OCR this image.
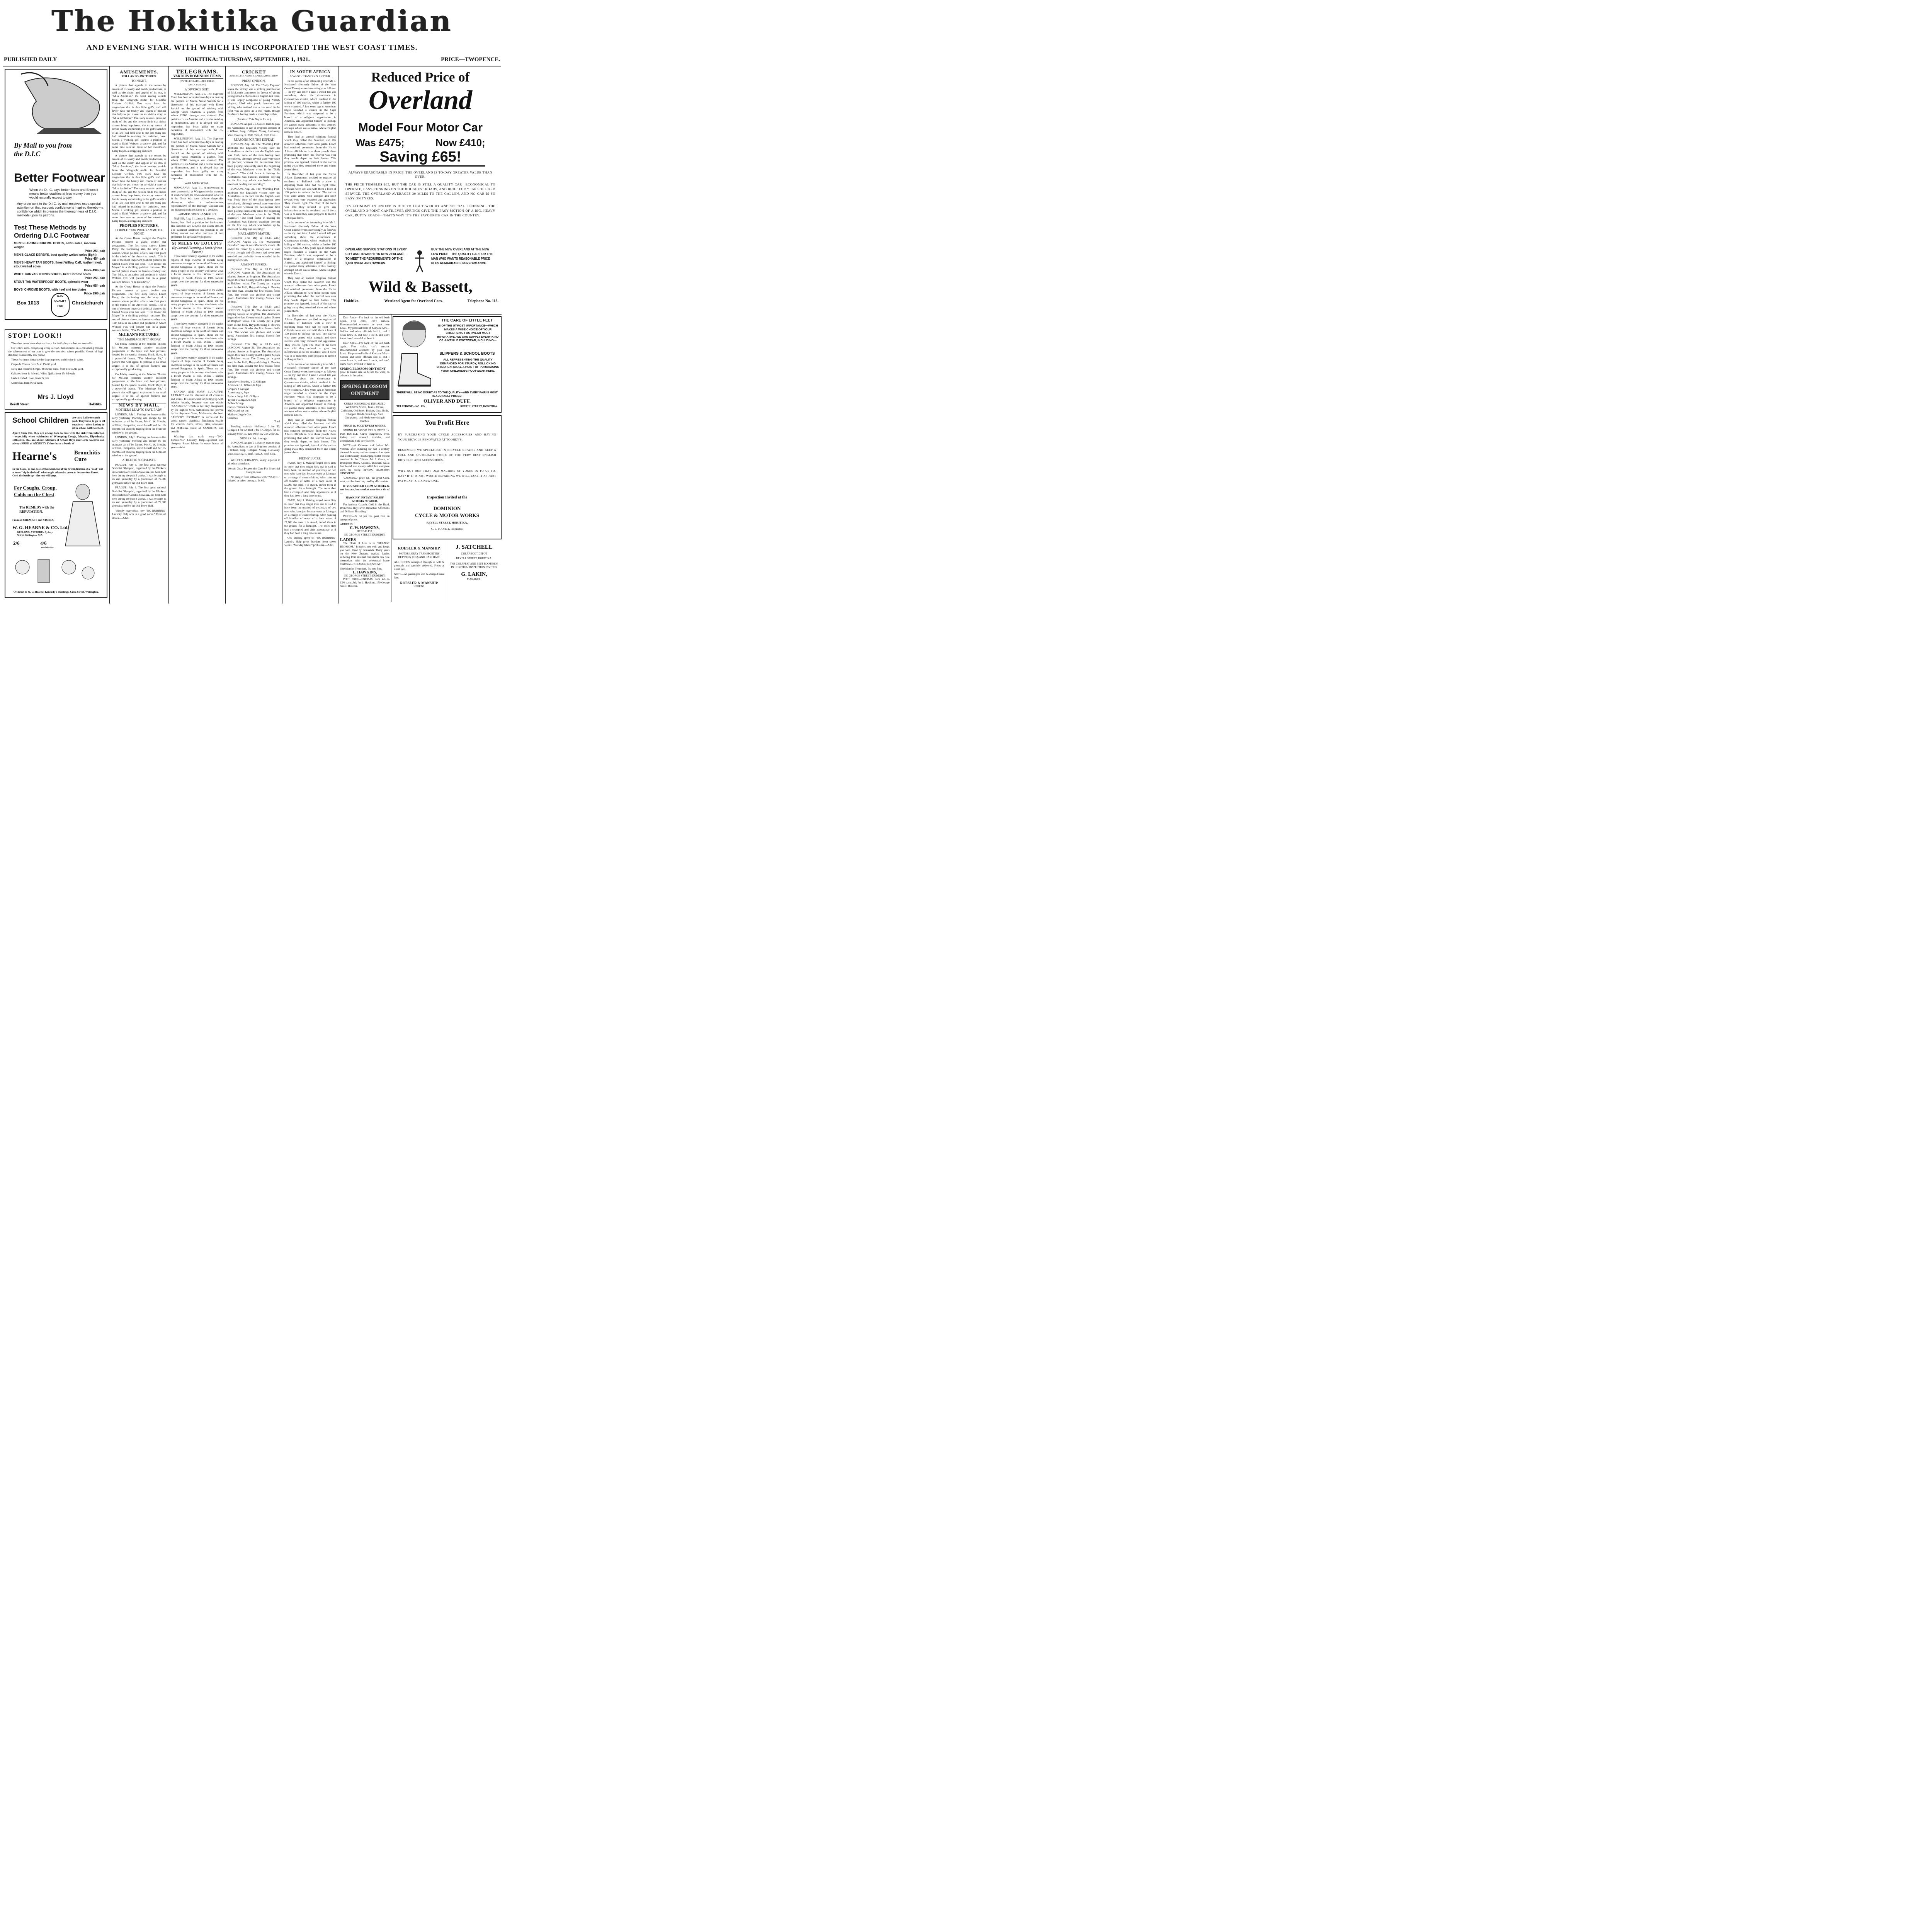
The Hokitika Guardian
AND EVENING STAR. WITH WHICH IS INCORPORATED THE WEST COAST TIMES.
PUBLISHED DAILY	HOKITIKA: THURSDAY, SEPTEMBER 1, 1921.	PRICE—TWOPENCE.
By Mail to you from the D.I.C
Better Footwear
When the D.I.C. says better Boots and Shoes it means better qualities at less money than you would naturally expect to pay.
Any order sent to the D.I.C. by mail receives extra special attention on that account; confidence is inspired thereby—a confidence which impresses the thoroughness of D.I.C. methods upon its patrons.
Test These Methods by Ordering D.I.C Footwear
MEN'S STRONG CHROME BOOTS, sewn soles, medium weight
Price 25/- pair
MEN'S GLACE DERBYS, best quality welted soles (light)
Price 45/- pair
MEN'S HEAVY TAN BOOTS, finest Willow Calf, leather lined, stout welted soles
Price 49/6 pair
WHITE CANVAS TENNIS SHOES, best Chrome soles
Price 25/- pair
STOUT TAN WATERPROOF BOOTS, splendid wear
Price 65/- pair
BOYS' CHROME BOOTS, with heel and toe plates
Price 19/6 pair
Box 1013
D.I.C QUALITY FOR
Christchurch
STOP! LOOK!!

There has never been a better chance for thrifty buyers than we now offer.

Our entire store, comprising every section, demonstrates in a convincing manner the achievement of our aim to give the soundest values possible. Goods of high standard, consistently low priced.

These few items illustrate the drop in prices and the rise in value.

Crepe de Chenes from 7s to 15s 6d yard.

Navy and coloured Serges, 40 inches wide, from 14s to 21s yard.

Calicoes from 1s 4d yard. White Quilts from 17s 6d each.

Ladies' ribbed H ose, from 2s pair.

Umbrellas, from 9s 6d each.

Mrs J. Lloyd
Revell Street	Hokitika
School Children are very liable to catch cold. They have to go in all weathers—often having to sit in school with wet feet.
Apart from this, they are always face to face with the risk from infection—especially when epidemics of Whooping Cough, Measles, Diphtheria, Influenza, etc., are about. Mothers of School Boys and Girls however can always FREE of ANXIETY if they have a bottle of
Hearne's	Bronchitis Cure
In the house, as one dose of this Medicine at the first indication of a "cold" will at once "nip in the bud" what might otherwise prove to be a serious illness. Cork the bottle up—the rest will keep.
For Coughs, Croup, Colds on the Chest
The REMEDY with the REPUTATION.
From all CHEMISTS and STORES.
W. G. HEARNE & CO. Ltd.
GEELONG, VICTORIA. Sydney N.S.W. Wellington, N.Z.
2/6	4/6
Double Size
Or direct to W. G. Hearne, Kennedy's Buildings, Cuba Street, Wellington.
AMUSEMENTS.
POLLARD'S PICTURES.
TO-NIGHT.

A picture that appeals to the senses by reason of its lovely and lavish productions, as well as the charm and appeal of its star, is "Miss Ambition," the heart searing vehicle from the Vitagraph studio for beautiful Corinne Griffith. Few stars have the magnetism that is this little girl's, and still fewer have the beauty and charm of manner that help to put it over in so vivid a story as "Miss Ambition." The story reveals profound study of life, and the heroine finds that riches cannot bring happiness, the many scenes of lavish beauty culminating in the girl's sacrifice of all she had held dear to the one thing she had missed in realising her ambition, love. Marta, a working girl, secures a position as maid to Edith Webster, a society girl, and for some time sees no more of her sweetheart, Larry Doyle, a struggling architect.

A picture that appeals to the senses by reason of its lovely and lavish productions, as well as the charm and appeal of its star, is "Miss Ambition," the heart searing vehicle from the Vitagraph studio for beautiful Corinne Griffith. Few stars have the magnetism that is this little girl's, and still fewer have the beauty and charm of manner that help to put it over in so vivid a story as "Miss Ambition." The story reveals profound study of life, and the heroine finds that riches cannot bring happiness, the many scenes of lavish beauty culminating in the girl's sacrifice of all she had held dear to the one thing she had missed in realising her ambition, love. Marta, a working girl, secures a position as maid to Edith Webster, a society girl, and for some time sees no more of her sweetheart, Larry Doyle, a struggling architect.

PEOPLES PICTURES.
DOUBLE STAR PROGRAMME TO-NIGHT.

At the Opera House to-night the Peoples Pictures present a grand double star programme. The first story shows Eileen Percy, the fascinating star, the story of a woman whose political affairs take first place in the minds of the American people. This is one of the most important political pictures the United States ever has seen. "Her Honor the Mayor" is a thrilling political romance. The second picture shows the famous cowboy star, Tom Mix, as an author and producer in which William Fox will present him in a grand western thriller, "The Daredevil."

At the Opera House to-night the Peoples Pictures present a grand double star programme. The first story shows Eileen Percy, the fascinating star, the story of a woman whose political affairs take first place in the minds of the American people. This is one of the most important political pictures the United States ever has seen. "Her Honor the Mayor" is a thrilling political romance. The second picture shows the famous cowboy star, Tom Mix, as an author and producer in which William Fox will present him in a grand western thriller, "The Daredevil."

McLEAN'S PICTURES.
"THE MARRIAGE PIT," FRIDAY.

On Friday evening at the Princess Theatre Mr McLean presents another excellent programme of the latest and best pictures, headed by the special feature, Frank Mayo, in a powerful drama, "The Marriage Pit," a picture that will appeal to patrons in no small degree. It is full of special features and exceptionally good acting.

On Friday evening at the Princess Theatre Mr McLean presents another excellent programme of the latest and best pictures, headed by the special feature, Frank Mayo, in a powerful drama, "The Marriage Pit," a picture that will appeal to patrons in no small degree. It is full of special features and exceptionally good acting.

NEWS BY MAIL.
MOTHER'S LEAP TO SAVE BABY.

LONDON, July 1. Finding her house on fire early yesterday morning and escape by the staircase cut off by flames, Mrs C. W. Brittain, of Fleet, Hampshire, saved herself and her 18-months-old child by leaping from the bedroom window to the ground.

LONDON, July 1. Finding her house on fire early yesterday morning and escape by the staircase cut off by flames, Mrs C. W. Brittain, of Fleet, Hampshire, saved herself and her 18-months-old child by leaping from the bedroom window to the ground.

ATHLETIC SOCIALISTS.

PRAGUE, July 3. The first great national Socialist Olympiad, organised by the Workers' Association of Czecho-Slovakia, has been held here during the past 3 weeks. It was brought to an end yesterday by a procession of 72,000 gymnasts before the Old Town Hall.

PRAGUE, July 3. The first great national Socialist Olympiad, organised by the Workers' Association of Czecho-Slovakia, has been held here during the past 3 weeks. It was brought to an end yesterday by a procession of 72,000 gymnasts before the Old Town Hall.

"Simply marvellous how "NO-RUBBING" Laundry Help acts in a good name." From all stores.—Advt.

TELEGRAMS.
VARIOUS DOMINION ITEMS
(BY TELEGRAPH—PER PRESS ASSOCIATION.)
A DIVORCE SUIT.

WELLINGTON, Aug. 31. The Supreme Court has been occupied two days in hearing the petition of Mattia Nazal Sarcich for a dissolution of his marriage with Eileen Sarcich on the ground of adultery with George Vance Shannon, a grazier, from whom £2500 damages was claimed. The petitioner is an Austrian and a carrier residing at Himmerton, and it is alleged that the respondent has been guilty on many occasions of misconduct with the co-respondent.

WELLINGTON, Aug. 31. The Supreme Court has been occupied two days in hearing the petition of Mattia Nazal Sarcich for a dissolution of his marriage with Eileen Sarcich on the ground of adultery with George Vance Shannon, a grazier, from whom £2500 damages was claimed. The petitioner is an Austrian and a carrier residing at Himmerton, and it is alleged that the respondent has been guilty on many occasions of misconduct with the co-respondent.

WAR MEMORIAL.

WANGANUI, Aug. 31. A movement to erect a memorial at Wanganui to the memory of soldiers from the town and district who fell in the Great War took definite shape this afternoon, when a sub-committee representative of the Borough Council and the Returned Soldiers came to a decision.

FARMER GOES BANKRUPT.

NAPIER, Aug. 31. James L. Bowen, sheep farmer, has filed a petition for bankruptcy. His liabilities are £20,859 and assets £8,508. The bankrupt attributes his position to the falling market not after purchase of two properties for speculative purposes.

50 MILES OF LOCUSTS
(By Leonard Flemming, a South African Farmer.)

There have recently appeared in the cables reports of huge swarms of locusts doing enormous damage in the south of France and around Saragossa, in Spain. These are not many people in this country who know what a locust swarm is like. When I started farming in South Africa in 1906 locusts swept over the country for three successive years.

There have recently appeared in the cables reports of huge swarms of locusts doing enormous damage in the south of France and around Saragossa, in Spain. These are not many people in this country who know what a locust swarm is like. When I started farming in South Africa in 1906 locusts swept over the country for three successive years.

There have recently appeared in the cables reports of huge swarms of locusts doing enormous damage in the south of France and around Saragossa, in Spain. These are not many people in this country who know what a locust swarm is like. When I started farming in South Africa in 1906 locusts swept over the country for three successive years.

There have recently appeared in the cables reports of huge swarms of locusts doing enormous damage in the south of France and around Saragossa, in Spain. These are not many people in this country who know what a locust swarm is like. When I started farming in South Africa in 1906 locusts swept over the country for three successive years.

SANDER AND SONS' EUCALYPTI EXTRACT can be obtained at all chemists and stores. It is renowned for putting up with inferior brands, because you can obtain "SANDER'S," which is not only recognised by the highest Med. Authorities, but proved by the Supreme Court, Melbourne, the best. SANDER'S EXTRACT is successful for colds, cancer, diarrhoea, flatulence; locally for wounds, burns, ulcers, piles, abscesses and chilblains. Insist on SANDER'S, and benefit.

Washing day made easy—"NO-RUBBING" Laundry Help—quickest and cheapest. Saves labour. In every house all year.—Advt.

CRICKET
AUSTRALIAN AND N.Z. CABLE ASSOCIATION
PRESS OPINION.

LONDON, Aug. 30. The "Daily Express" states the victory was a striking justification of McLaren's arguments in favour of giving young blood a chance in an English test team. It was largely composed of young 'Varsity players, filled with pluck, keenness and virility, who realised that a run saved in the field was as good as a run made, though Faulkner's batting made a triumph possible.

(Received This Day at 8 a.m.)

LONDON, August 31. Sussex team to play the Australians to-day at Brighton consists of - Wilson, Jupp, Gilligan, Young, Holloway, Vine, Bowley, R. Relf, Tate, A. Relf, Cox.

REASONS FOR THE DEFEAT.

LONDON, Aug. 31. The "Morning Post" attributes the England's victory over the Australians to the fact that the English team was fresh, none of the men having been overplayed, although several were very short of practice; whereas the Australians have been playing incessantly since the beginning of the year. Maclaren writes in the "Daily Express": "The chief factor in beating the Australians was Faloon's excellent bowling on the first day, which was backed up by excellent fielding and catching."

LONDON, Aug. 31. The "Morning Post" attributes the England's victory over the Australians to the fact that the English team was fresh, none of the men having been overplayed, although several were very short of practice; whereas the Australians have been playing incessantly since the beginning of the year. Maclaren writes in the "Daily Express": "The chief factor in beating the Australians was Faloon's excellent bowling on the first day, which was backed up by excellent fielding and catching."

MACLAREN'S MATCH.

(Received This Day at 10.15 a.m.) LONDON, August 31. The "Manchester Guardian" says it was Maclaren's match. He ended his career by a victory over a team whose strength and efficiency had never been excelled and probably never equalled in the history of cricket.

AGAINST SUSSEX.

(Received This Day at 10.15 a.m.) LONDON, August 31. The Australians are playing Sussex at Brighton. The Australians began their last County match against Sussex at Brighton today. The County put a great team in the field, Haygarth being it. Bowley the first man. Bowler the first Sussex fields first. The wicket was glorious and wicket good. Australians first innings Sussex first innings.

(Received This Day at 10.15 a.m.) LONDON, August 31. The Australians are playing Sussex at Brighton. The Australians began their last County match against Sussex at Brighton today. The County put a great team in the field, Haygarth being it. Bowley the first man. Bowler the first Sussex fields first. The wicket was glorious and wicket good. Australians first innings Sussex first innings.

(Received This Day at 10.15 a.m.) LONDON, August 31. The Australians are playing Sussex at Brighton. The Australians began their last County match against Sussex at Brighton today. The County put a great team in the field, Haygarth being it. Bowley the first man. Bowler the first Sussex fields first. The wicket was glorious and wicket good. Australians first innings Sussex first innings.

Bardsley c Bowley, b G. Gilligan
Andrews c R. Wilson, b Jupp
Gregory b Gilligan
Armstrong b, Jupp
Ryder c Jupp, b G. Gilligan
Taylor c Gilligan, b Jupp
Pellew b Jupp
Carter c Wilson b Jupp
McDonald not out
Mailey c Jupp b Cox
Sundries
Total

Bowling analysis: Holloway 0 for 32, Gilligan 4 for 62, Relf 0 for 47, Jupp 6 for 11, Bowley 0 for 15, Tate 0 for 19, Cox 2 for 39.

SUSSEX 1st. Innings.

LONDON, August 31. Sussex team to play the Australians to-day at Brighton consists of - Wilson, Jupp, Gilligan, Young, Holloway, Vine, Bowley, R. Relf, Tate, A. Relf, Cox.

WOLFE'S SCHNAPPS, vastly superior to all other stimulants.

Woods' Great Peppermint Cure For Bronchial Coughs, take

No danger from influenza with "NAZOL." Inhaled or taken on sugar, 1s 6d.

IN SOUTH AFRICA
A WEST COASTER'S LETTER.

In the course of an interesting letter Mr L. Northcroft (formerly Editor of the West Coast Times) writes interestingly as follows:— In my last letter I said I would tell you something about the disturbance in Queenstown district, which resulted in the killing of 200 natives, whilst a further 100 were wounded. A few years ago an American negro founded a church in the Cape Province, which was supposed to be a branch of a religious organisation in America, and appointed himself as Bishop. He gained many adherents in this country, amongst whom was a native, whose English name is Enoch.

They had an annual religious festival which they called the Passover, and this attracted adherents from other parts. Enoch had obtained permission from the Native Affairs officials to have these people there promising that when the festival was over they would depart to their homes. This promise was ignored, instead of the natives going away they remained there and others joined them.

In December of last year the Native Affairs Department decided to register all residents of Bullhock with a view to deporting those who had no right there. Officials were sent and with them a force of 100 police to enforce the law. The natives who were armed with assegais and short swords were very truculent and aggressive. They showed fight. The chief of the force was told they refused to give any information as to the residents, and if force was to be used they were prepared to meet it with equal force.

In the course of an interesting letter Mr L. Northcroft (formerly Editor of the West Coast Times) writes interestingly as follows:— In my last letter I said I would tell you something about the disturbance in Queenstown district, which resulted in the killing of 200 natives, whilst a further 100 were wounded. A few years ago an American negro founded a church in the Cape Province, which was supposed to be a branch of a religious organisation in America, and appointed himself as Bishop. He gained many adherents in this country, amongst whom was a native, whose English name is Enoch.

They had an annual religious festival which they called the Passover, and this attracted adherents from other parts. Enoch had obtained permission from the Native Affairs officials to have these people there promising that when the festival was over they would depart to their homes. This promise was ignored, instead of the natives going away they remained there and others joined them.

In December of last year the Native Affairs Department decided to register all residents of Bullhock with a view to deporting those who had no right there. Officials were sent and with them a force of 100 police to enforce the law. The natives who were armed with assegais and short swords were very truculent and aggressive. They showed fight. The chief of the force was told they refused to give any information as to the residents, and if force was to be used they were prepared to meet it with equal force.

In the course of an interesting letter Mr L. Northcroft (formerly Editor of the West Coast Times) writes interestingly as follows:— In my last letter I said I would tell you something about the disturbance in Queenstown district, which resulted in the killing of 200 natives, whilst a further 100 were wounded. A few years ago an American negro founded a church in the Cape Province, which was supposed to be a branch of a religious organisation in America, and appointed himself as Bishop. He gained many adherents in this country, amongst whom was a native, whose English name is Enoch.

They had an annual religious festival which they called the Passover, and this attracted adherents from other parts. Enoch had obtained permission from the Native Affairs officials to have these people there promising that when the festival was over they would depart to their homes. This promise was ignored, instead of the natives going away they remained there and others joined them.

FILTHY LUCRE.

PARIS, July 1. Making forged notes dirty in order that they might look real is said to have been the method of yesterday of two men who have just been arrested at Limoges on a charge of counterfeiting. After painting off bundles of notes of a face value of £7,000 the men, it is stated, buried them in the ground for a fortnight. The notes then had a crumpled and dirty appearance as if they had been a long time in use.

PARIS, July 1. Making forged notes dirty in order that they might look real is said to have been the method of yesterday of two men who have just been arrested at Limoges on a charge of counterfeiting. After painting off bundles of notes of a face value of £7,000 the men, it is stated, buried them in the ground for a fortnight. The notes then had a crumpled and dirty appearance as if they had been a long time in use.

One shilling spent on "NO-RUBBING" Laundry Help gives freedom from seven weeks' "Monday labour" problems.—Advt.

Reduced Price of
Overland
Model Four Motor Car
Was £475;	Now £410;
Saving £65!
ALWAYS REASONABLE IN PRICE, THE OVERLAND IS TO-DAY GREATER VALUE THAN EVER.
THE PRICE TUMBLES £65, BUT THE CAR IS STILL A QUALITY CAR—ECONOMICAL TO OPERATE, EASY-RUNNING ON THE ROUGHEST ROADS, AND BUILT FOR YEARS OF HARD SERVICE. THE OVERLAND AVERAGES 30 MILES TO THE GALLON, AND NO CAR IS SO EASY ON TYRES.
ITS ECONOMY IN UPKEEP IS DUE TO LIGHT WEIGHT AND SPECIAL SPRINGING. THE OVERLAND 3-POINT CANTILEVER SPRINGS GIVE THE EASY MOTION OF A BIG, HEAVY CAR, RUTTY ROADS—THAT'S WHY IT'S THE FAVOURITE CAR IN THE COUNTRY.
OVERLAND SERVICE STATIONS IN EVERY CITY AND TOWNSHIP IN NEW ZEALAND—TO MEET THE REQUIREMENTS OF THE 3,000 OVERLAND OWNERS.
BUY THE NEW OVERLAND AT THE NEW LOW PRICE—THE QUALITY CAR FOR THE MAN WHO WANTS REASONABLE PRICE PLUS REMARKABLE PERFORMANCE.
Wild & Bassett,
Hokitika.	Westland Agent for Overland Cars.	Telephone No. 118.

Dear Annie—I'm back on the old bush again. Free colds, can't remain. Recommended ointment by your own Local. My personal belle of Kumara: Mrs—Soldier and other officials had it, and I never knew it, and now I use it, and don't know how I ever did without it.

Dear Annie—I'm back on the old bush again. Free colds, can't remain. Recommended ointment by your own Local. My personal belle of Kumara: Mrs—Soldier and other officials had it, and I never knew it, and now I use it, and don't know how I ever did without it.

SPRING BLOSSOM OINTMENT
price 1s (same size as before the war); no advance in the price.
SPRING BLOSSOM OINTMENT
CURES POISONED & INFLAMED WOUNDS, Scalds, Burns, Ulcers, Chilblains, Old Sores, Bruises, Cuts, Boils, Chapped Hands, Sore Legs, Skin Complaints, and Heels everything it touches.
PRICE 1s. SOLD EVERYWHERE.

SPRING BLOSSOM PILLS, PRICE 1s. PER BOTTLE. Cures indigestion, liver, kidney and stomach troubles, and constipation. Sold everywhere.

NOTE:—A Crimean and Indian War Veteran, after enduring for half a century the terrible worry and annoyance of an open and continuously discharging bullet wound received in the Crimea, Mr J. Grace, of Broughton Street, Kaikorai, Dunedin, has at last found not merely relief but complete cure, by using SPRING BLOSSOM OINTMENT.

"JASMINE," price 6d., the great Corn, wart, and bunion cure; used by all chemists.

IF YOU SUFFER FROM ASTHMA do not hesitate, but send at once for a tin of—

HAWKINS' INSTANT RELIEF ASTHMA POWDER.

For Asthma, Catarrh, Cold in the Head, Bronchitis, Hay Fever, Bronchial Affections and Difficult Breathing.

PRICE:—2s 6d per tin, post free on receipt of price.

ADDRESS:
C. W. HAWKINS,
HERBALIST,
150 GEORGE STREET, DUNEDIN.
LADIES

The Elixir of Life is in "ORANGE BLOSSOM." It makes you well, and keeps you well. Used by thousands. Thirty years on the New Zealand market. Ladies suffering from internal complaints can cure themselves with the celebrated home treatment—"ORANGE BLOSSOM."

One Month's Treatment, 5s; post free.
L. HAWKINS,
150 GEORGE STREET, DUNEDIN.

POST FREE—ENEMAS from 4/6 to 12/6 each. Ask for L. Hawkins, 150 George Street, Dunedin.

THE CARE OF LITTLE FEET
IS OF THE UTMOST IMPORTANCE—WHICH MAKES A WISE CHOICE OF YOUR CHILDREN'S FOOTWEAR MOST IMPERATIVE. WE CAN SUPPLY EVERY KIND OF JUVENILE FOOTWEAR, INCLUDING—
SLIPPERS & SCHOOL BOOTS
ALL REPRESENTING THE QUALITY DEMANDED FOR STURDY, ROLLICKING CHILDREN. MAKE A POINT OF PURCHASING YOUR CHILDREN'S FOOTWEAR HERE.
THERE WILL BE NO DOUBT AS TO THE QUALITY—AND EVERY PAIR IS MOST REASONABLY PRICED.
OLIVER AND DUFF.
TELEPHONE—NO. 139.	REVELL STREET, HOKITIKA.
You Profit Here
BY PURCHASING YOUR CYCLE ACCESSORIES AND HAVING YOUR BICYCLE RENOVATED AT TOOHEY'S.
REMEMBER WE SPECIALISE IN BICYCLE REPAIRS AND KEEP A FULL AND UP-TO-DATE STOCK OF THE VERY BEST ENGLISH BICYCLES AND ACCESSORIES.
WHY NOT RUN THAT OLD MACHINE OF YOURS IN TO US TO-DAY? IF IT IS NOT WORTH REPAIRING WE WILL TAKE IT AS PART PAYMENT FOR A NEW ONE.
Inspection Invited at the
DOMINION
CYCLE & MOTOR WORKS
REVELL STREET, HOKITIKA.
C. E. TOOHEY, Proprietor.
ROESLER & MANSHIP.
MOTOR LORRY TRANSPORTERS BETWEEN ROSS AND HARI HARI.
ALL GOODS consigned through us will be promptly and carefully delivered. Prices at usual fare.
NOTE—All passengers will be charged usual fare.
ROESLER & MANSHIP.
HEREPO.
J. SATCHELL
CHEAP BOOT DEPOT
REVELL STREET, HOKITIKA.
THE CHEAPEST AND BEST BOOTSHOP IN HOKITIKA. INSPECTION INVITED.
G. LAKIN,
MANAGER.
